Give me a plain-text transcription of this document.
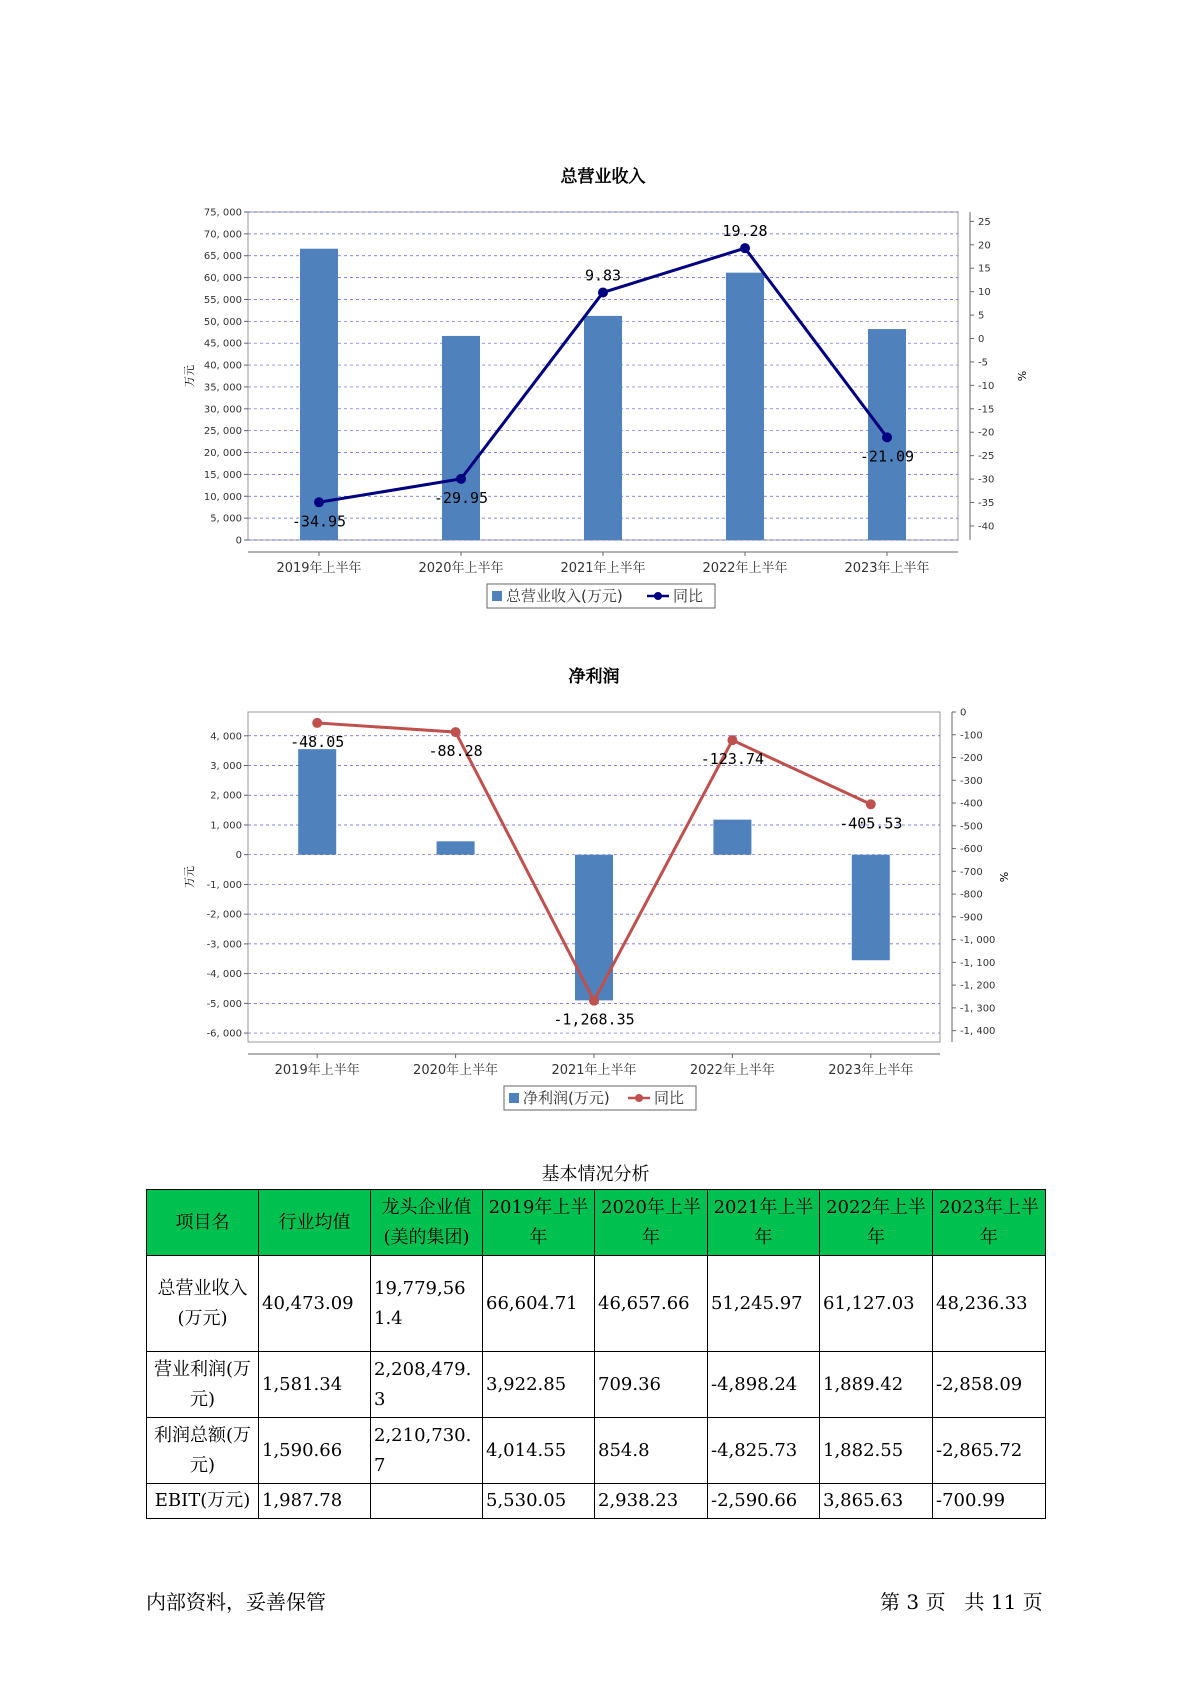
总营业收入
0
5, 000
10, 000
15, 000
20, 000
25, 000
30, 000
35, 000
40, 000
45, 000
50, 000
55, 000
60, 000
65, 000
70, 000
75, 000
25
20
15
10
5
0
-5
-10
-15
-20
-25
-30
-35
-40
万元	%
2019年上半年	2020年上半年	2021年上半年	2022年上半年	2023年上半年
-34.95
-29.95
9.83
19.28
-21.09
总营业收入(万元)	同比
净利润
4, 000
3, 000
2, 000
1, 000
0
-1, 000
-2, 000
-3, 000
-4, 000
-5, 000
-6, 000
0
-100
-200
-300
-400
-500
-600
-700
-800
-900
-1, 000
-1, 100
-1, 200
-1, 300
-1, 400
万元	%
2019年上半年	2020年上半年	2021年上半年	2022年上半年	2023年上半年
-48.05
-88.28
-1,268.35
-123.74
-405.53
净利润(万元)	同比
基本情况分析
项目名	行业均值	龙头企业值(美的集团)	2019年上半年	2020年上半年	2021年上半年	2022年上半年	2023年上半年
总营业收入(万元)	40,473.09	19,779,561.4	66,604.71	46,657.66	51,245.97	61,127.03	48,236.33
营业利润(万元)	1,581.34	2,208,479.3	3,922.85	709.36	-4,898.24	1,889.42	-2,858.09
利润总额(万元)	1,590.66	2,210,730.7	4,014.55	854.8	-4,825.73	1,882.55	-2,865.72
EBIT(万元)	1,987.78		5,530.05	2,938.23	-2,590.66	3,865.63	-700.99
内部资料，妥善保管	第 3 页   共 11 页
